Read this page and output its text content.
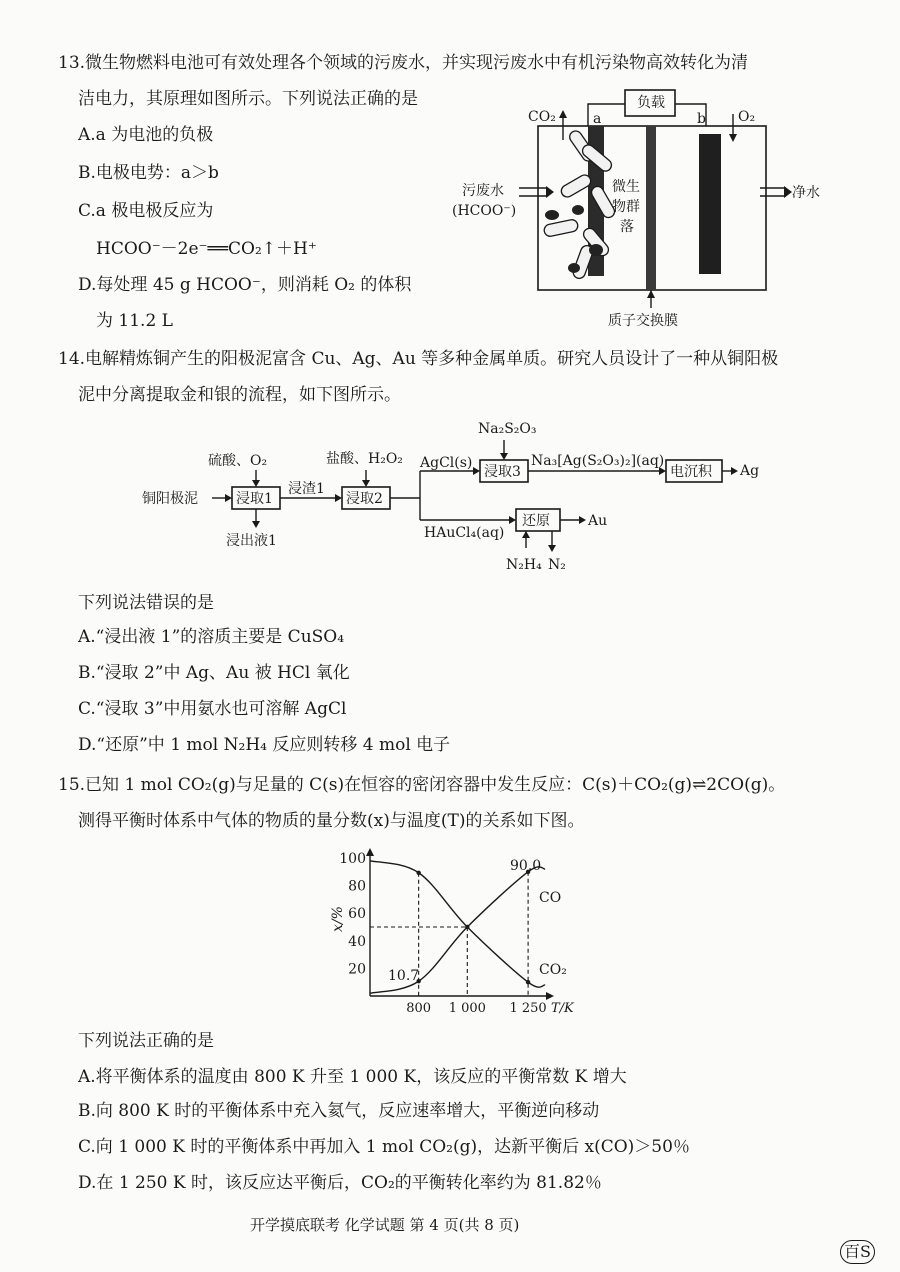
13.微生物燃料电池可有效处理各个领域的污废水，并实现污废水中有机污染物高效转化为清
洁电力，其原理如图所示。下列说法正确的是
A.a 为电池的负极
B.电极电势：a＞b
C.a 极电极反应为
HCOO⁻－2e⁻══CO₂↑＋H⁺
D.每处理 45 g HCOO⁻，则消耗 O₂ 的体积
为 11.2 L
负载
CO₂	O₂
a	b
污废水
(HCOO⁻)
净水
微生
物群
落
质子交换膜
14.电解精炼铜产生的阳极泥富含 Cu、Ag、Au 等多种金属单质。研究人员设计了一种从铜阳极
泥中分离提取金和银的流程，如下图所示。
铜阳极泥
硫酸、O₂
浸取1
浸出液1
浸渣1
盐酸、H₂O₂
浸取2
AgCl(s)
Na₂S₂O₃
浸取3
Na₃[Ag(S₂O₃)₂](aq)
电沉积 Ag
HAuCl₄(aq)
还原	Au
N₂H₄ N₂
下列说法错误的是
A.“浸出液 1”的溶质主要是 CuSO₄
B.“浸取 2”中 Ag、Au 被 HCl 氧化
C.“浸取 3”中用氨水也可溶解 AgCl
D.“还原”中 1 mol N₂H₄ 反应则转移 4 mol 电子
15.已知 1 mol CO₂(g)与足量的 C(s)在恒容的密闭容器中发生反应：C(s)＋CO₂(g)⇌2CO(g)。
测得平衡时体系中气体的物质的量分数(x)与温度(T)的关系如下图。
20
40
60
80
100
800 1 000 1 250
90.0
10.7
CO
CO₂
x/%
T/K
下列说法正确的是
A.将平衡体系的温度由 800 K 升至 1 000 K，该反应的平衡常数 K 增大
B.向 800 K 时的平衡体系中充入氦气，反应速率增大，平衡逆向移动
C.向 1 000 K 时的平衡体系中再加入 1 mol CO₂(g)，达新平衡后 x(CO)＞50％
D.在 1 250 K 时，该反应达平衡后，CO₂的平衡转化率约为 81.82％
开学摸底联考 化学试题 第 4 页(共 8 页)
百S
